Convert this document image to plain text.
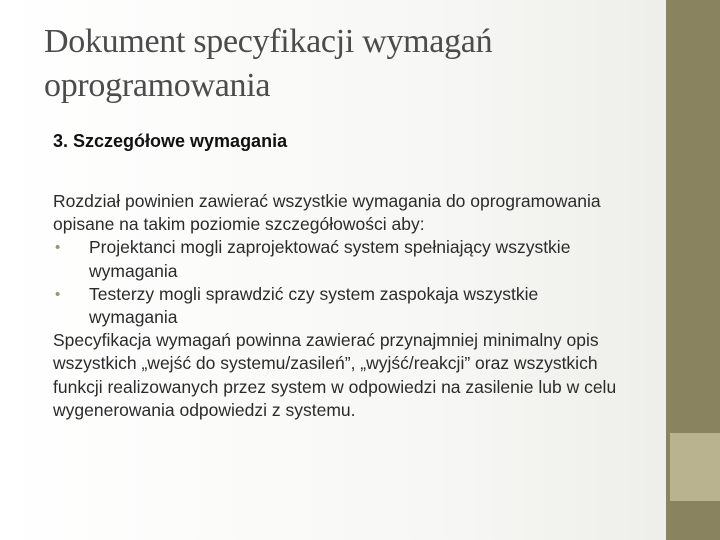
Dokument specyfikacji wymagań oprogramowania
3. Szczegółowe wymagania

Rozdział powinien zawierać wszystkie wymagania do oprogramowania opisane na takim poziomie szczegółowości aby:

• Projektanci mogli zaprojektować system spełniający wszystkie wymagania

• Testerzy mogli sprawdzić czy system zaspokaja wszystkie wymagania

Specyfikacja wymagań powinna zawierać przynajmniej minimalny opis wszystkich „wejść do systemu/zasileń”, „wyjść/reakcji” oraz wszystkich funkcji realizowanych przez system w odpowiedzi na zasilenie lub w celu wygenerowania odpowiedzi z systemu.
